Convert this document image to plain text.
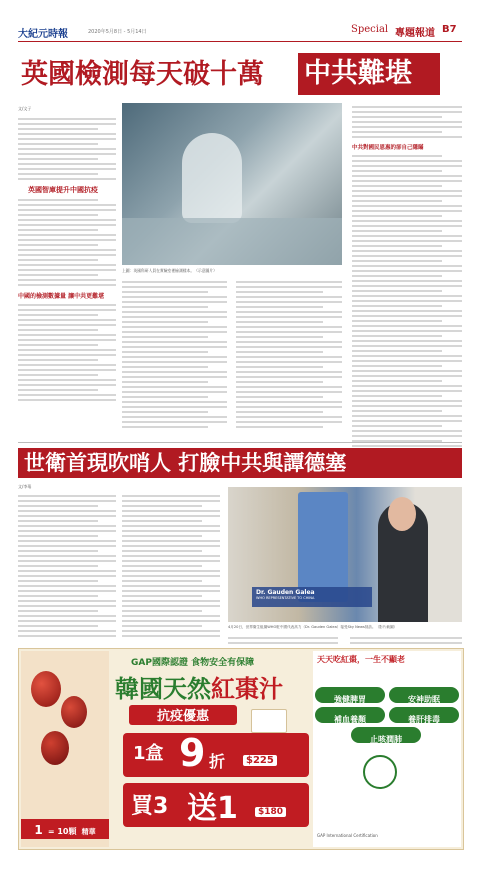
大紀元時報	2020年5月8日 - 5月14日	Special 專題報道 B7
英國檢測每天破十萬	中共難堪
文/文子
英國智庫提升中國抗疫
中國的檢測數據量 讓中共更難堪
上圖：英國科研人員在實驗室裡檢測樣本。（示意圖片）
中共對國民恩惠的卻自己隱瞞
世衛首現吹哨人 打臉中共與譚德塞
文/李瑤
Dr. Gauden Galea
WHO REPRESENTATIVE TO CHINA
4月20日，世界衛生組織WHO駐中國代表高力（Dr. Gauden Galea）接受Sky News採訪。（影片截圖）
1 = 10顆 精華
GAP國際認證 食物安全有保障
韓國天然紅棗汁
抗疫優惠
1盒 9 折	$225
買3 送1	$180
天天吃紅棗，一生不顯老
強健脾胃	安神助眠
補血養顏	養肝排毒
止咳潤肺
GAP International Certification
